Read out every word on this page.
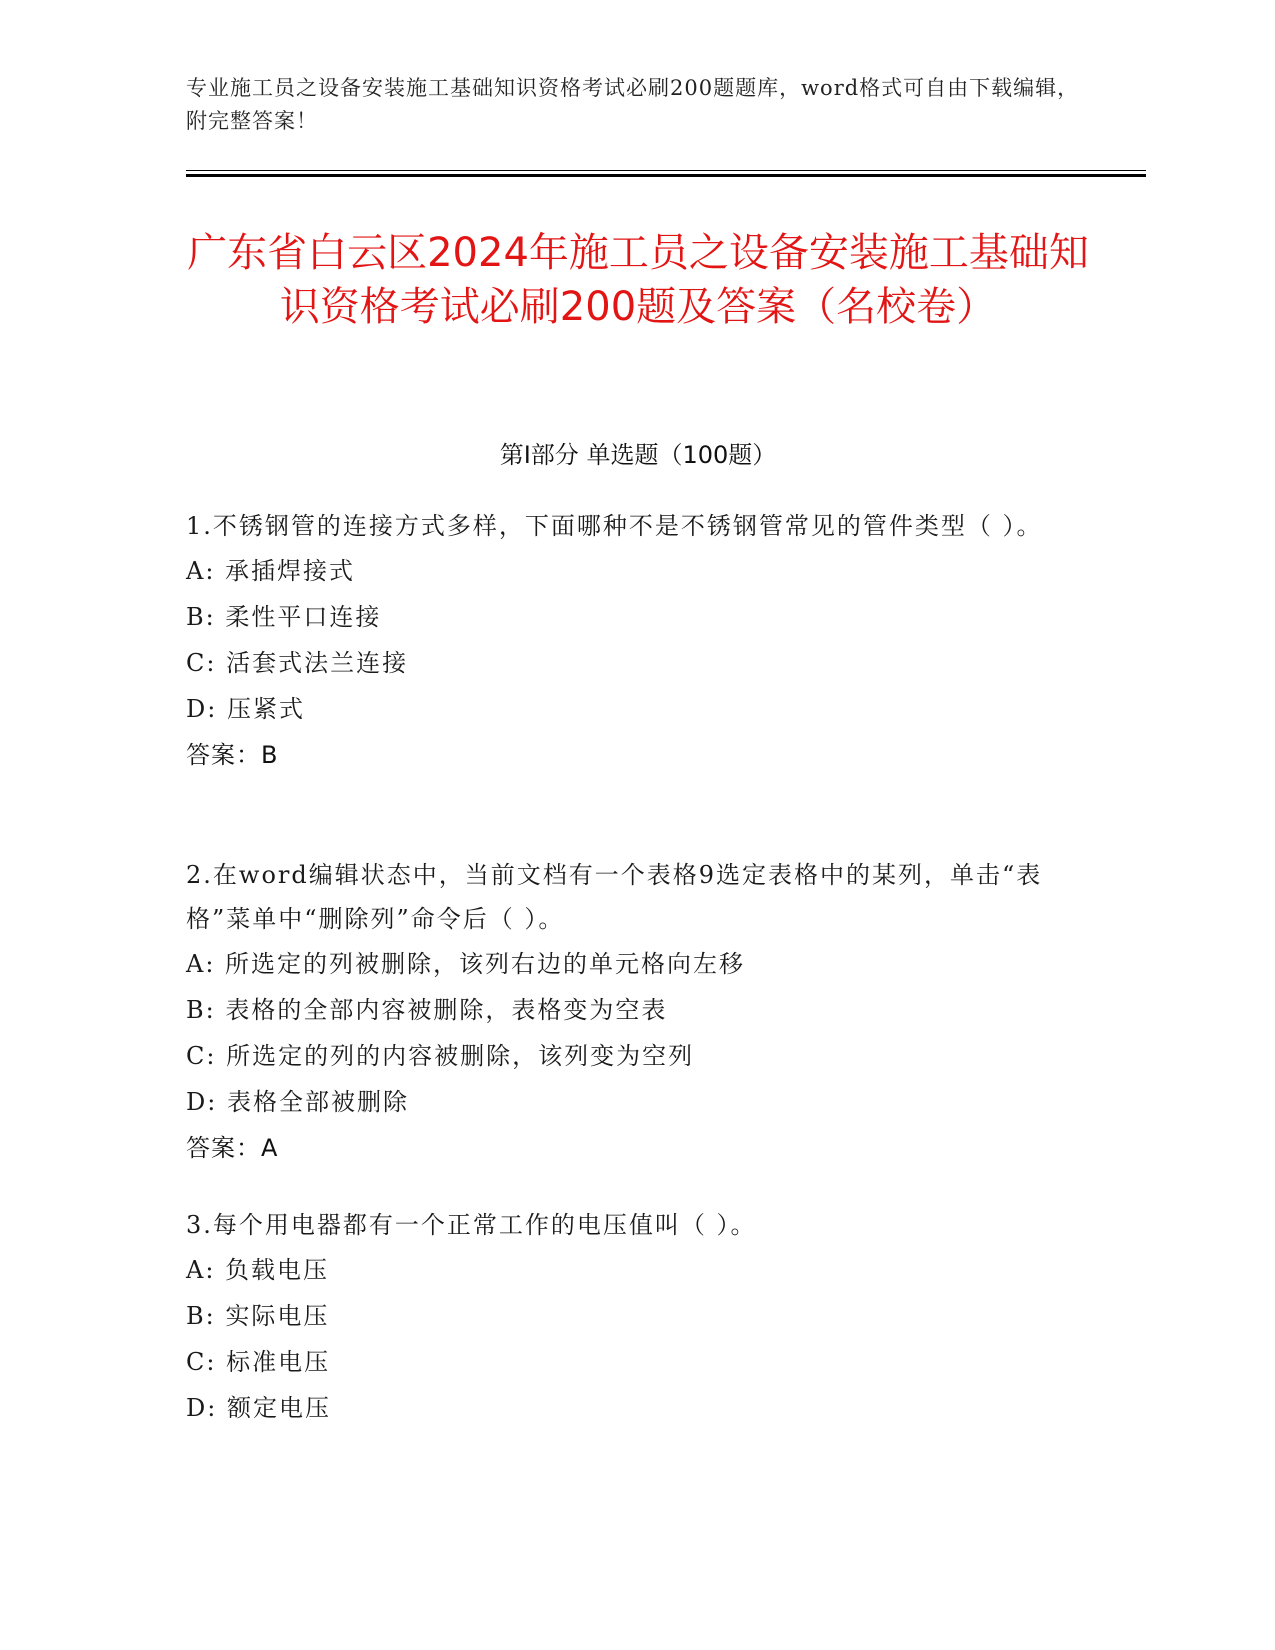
专业施工员之设备安装施工基础知识资格考试必刷200题题库，word格式可自由下载编辑，附完整答案！
广东省白云区2024年施工员之设备安装施工基础知识资格考试必刷200题及答案（名校卷）
第Ⅰ部分 单选题（100题）
1.不锈钢管的连接方式多样，下面哪种不是不锈钢管常见的管件类型（ ）。
A: 承插焊接式
B: 柔性平口连接
C: 活套式法兰连接
D: 压紧式
答案：B
2.在word编辑状态中，当前文档有一个表格9选定表格中的某列，单击“表格”菜单中“删除列”命令后（ ）。
A: 所选定的列被删除，该列右边的单元格向左移
B: 表格的全部内容被删除，表格变为空表
C: 所选定的列的内容被删除，该列变为空列
D: 表格全部被删除
答案：A
3.每个用电器都有一个正常工作的电压值叫（ ）。
A: 负载电压
B: 实际电压
C: 标准电压
D: 额定电压
